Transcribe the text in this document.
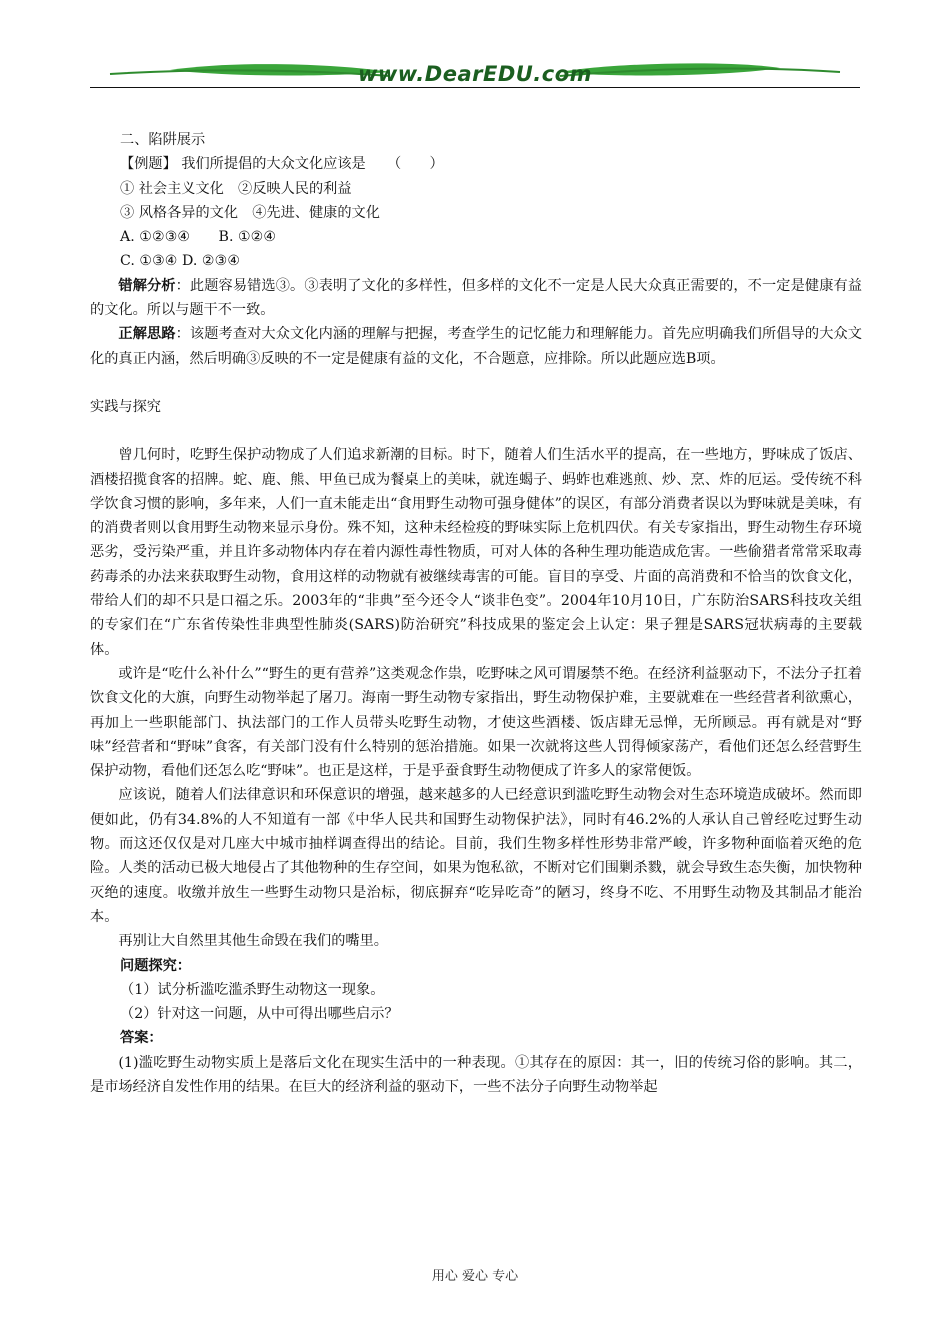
www.DearEDU.com
二、陷阱展示
【例题】 我们所提倡的大众文化应该是　　（　　）
① 社会主义文化　②反映人民的利益
③ 风格各异的文化　④先进、健康的文化
A. ①②③④　　B. ①②④
C. ①③④ D. ②③④
错解分析：此题容易错选③。③表明了文化的多样性，但多样的文化不一定是人民大众真正需要的，不一定是健康有益的文化。所以与题干不一致。
正解思路：该题考查对大众文化内涵的理解与把握，考查学生的记忆能力和理解能力。首先应明确我们所倡导的大众文化的真正内涵，然后明确③反映的不一定是健康有益的文化，不合题意，应排除。所以此题应选B项。
实践与探究
曾几何时，吃野生保护动物成了人们追求新潮的目标。时下，随着人们生活水平的提高，在一些地方，野味成了饭店、酒楼招揽食客的招牌。蛇、鹿、熊、甲鱼已成为餐桌上的美味，就连蝎子、蚂蚱也难逃煎、炒、烹、炸的厄运。受传统不科学饮食习惯的影响，多年来，人们一直未能走出“食用野生动物可强身健体”的误区，有部分消费者误以为野味就是美味，有的消费者则以食用野生动物来显示身份。殊不知，这种未经检疫的野味实际上危机四伏。有关专家指出，野生动物生存环境恶劣，受污染严重，并且许多动物体内存在着内源性毒性物质，可对人体的各种生理功能造成危害。一些偷猎者常常采取毒药毒杀的办法来获取野生动物，食用这样的动物就有被继续毒害的可能。盲目的享受、片面的高消费和不恰当的饮食文化，带给人们的却不只是口福之乐。2003年的“非典”至今还令人“谈非色变”。2004年10月10日，广东防治SARS科技攻关组的专家们在“广东省传染性非典型性肺炎(SARS)防治研究”科技成果的鉴定会上认定：果子狸是SARS冠状病毒的主要载体。
或许是“吃什么补什么”“野生的更有营养”这类观念作祟，吃野味之风可谓屡禁不绝。在经济利益驱动下，不法分子扛着饮食文化的大旗，向野生动物举起了屠刀。海南一野生动物专家指出，野生动物保护难，主要就难在一些经营者利欲熏心，再加上一些职能部门、执法部门的工作人员带头吃野生动物，才使这些酒楼、饭店肆无忌惮，无所顾忌。再有就是对“野味”经营者和“野味”食客，有关部门没有什么特别的惩治措施。如果一次就将这些人罚得倾家荡产，看他们还怎么经营野生保护动物，看他们还怎么吃“野味”。也正是这样，于是乎蚕食野生动物便成了许多人的家常便饭。
应该说，随着人们法律意识和环保意识的增强，越来越多的人已经意识到滥吃野生动物会对生态环境造成破坏。然而即便如此，仍有34.8%的人不知道有一部《中华人民共和国野生动物保护法》，同时有46.2%的人承认自己曾经吃过野生动物。而这还仅仅是对几座大中城市抽样调查得出的结论。目前，我们生物多样性形势非常严峻，许多物种面临着灭绝的危险。人类的活动已极大地侵占了其他物种的生存空间，如果为饱私欲，不断对它们围剿杀戮，就会导致生态失衡，加快物种灭绝的速度。收缴并放生一些野生动物只是治标，彻底摒弃“吃异吃奇”的陋习，终身不吃、不用野生动物及其制品才能治本。
再别让大自然里其他生命毁在我们的嘴里。
问题探究：
（1）试分析滥吃滥杀野生动物这一现象。
（2）针对这一问题，从中可得出哪些启示？
答案：
(1)滥吃野生动物实质上是落后文化在现实生活中的一种表现。①其存在的原因：其一，旧的传统习俗的影响。其二，是市场经济自发性作用的结果。在巨大的经济利益的驱动下，一些不法分子向野生动物举起
用心 爱心 专心
